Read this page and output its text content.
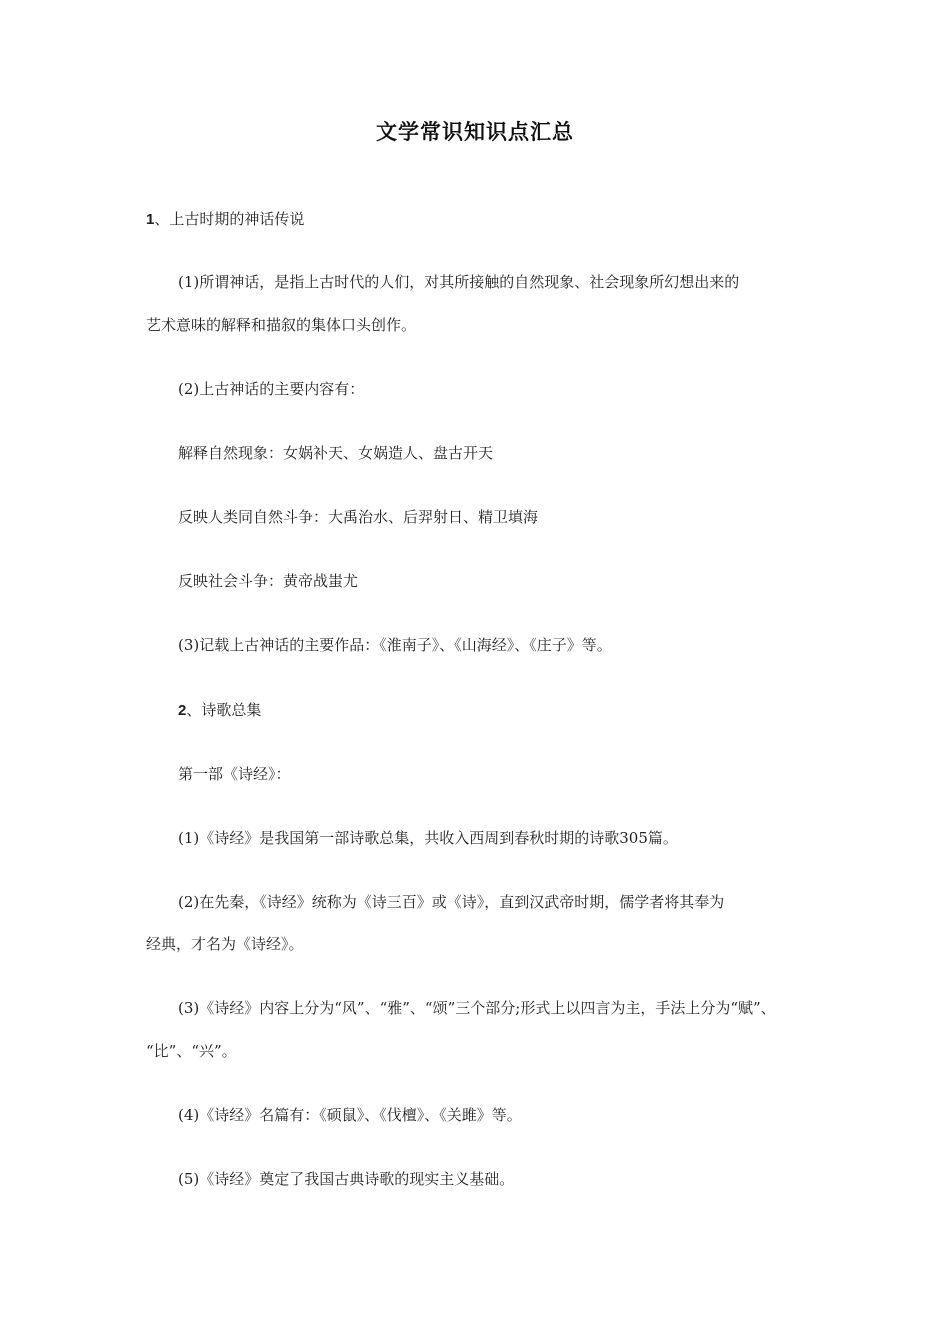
文学常识知识点汇总
1、上古时期的神话传说
(1)所谓神话，是指上古时代的人们，对其所接触的自然现象、社会现象所幻想出来的
艺术意味的解释和描叙的集体口头创作。
(2)上古神话的主要内容有：
解释自然现象：女娲补天、女娲造人、盘古开天
反映人类同自然斗争：大禹治水、后羿射日、精卫填海
反映社会斗争：黄帝战蚩尤
(3)记载上古神话的主要作品：《淮南子》、《山海经》、《庄子》等。
2、诗歌总集
第一部《诗经》：
(1)《诗经》是我国第一部诗歌总集，共收入西周到春秋时期的诗歌305篇。
(2)在先秦，《诗经》统称为《诗三百》或《诗》，直到汉武帝时期，儒学者将其奉为
经典，才名为《诗经》。
(3)《诗经》内容上分为“风”、“雅”、“颂”三个部分;形式上以四言为主，手法上分为“赋”、
“比”、“兴”。
(4)《诗经》名篇有：《硕鼠》、《伐檀》、《关雎》等。
(5)《诗经》奠定了我国古典诗歌的现实主义基础。
